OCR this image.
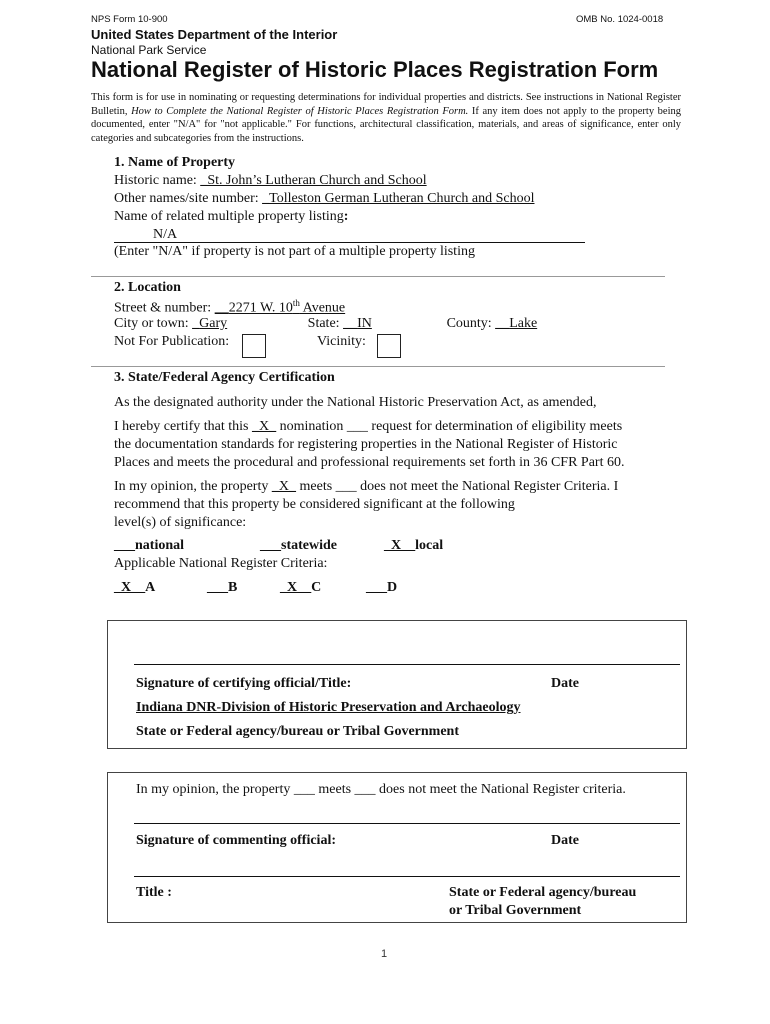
NPS Form 10-900	OMB No. 1024-0018
United States Department of the Interior
National Park Service
National Register of Historic Places Registration Form
This form is for use in nominating or requesting determinations for individual properties and districts. See instructions in National Register Bulletin, How to Complete the National Register of Historic Places Registration Form. If any item does not apply to the property being documented, enter "N/A" for "not applicable." For functions, architectural classification, materials, and areas of significance, enter only categories and subcategories from the instructions.
1. Name of Property
Historic name: _St. John’s Lutheran Church and School
Other names/site number: _Tolleston German Lutheran Church and School
Name of related multiple property listing:
N/A
(Enter "N/A" if property is not part of a multiple property listing
2. Location
Street & number: __2271 W. 10th Avenue
City or town: _Gary	State: __IN	County: __Lake
Not For Publication:	Vicinity:
3. State/Federal Agency Certification
As the designated authority under the National Historic Preservation Act, as amended,
I hereby certify that this _X_ nomination ___ request for determination of eligibility meets
the documentation standards for registering properties in the National Register of Historic
Places and meets the procedural and professional requirements set forth in 36 CFR Part 60.
In my opinion, the property _X_ meets ___ does not meet the National Register Criteria. I
recommend that this property be considered significant at the following
level(s) of significance:
___national	___statewide	_X__local
Applicable National Register Criteria:
_X__A	___B	_X__C	___D
Signature of certifying official/Title:	Date
Indiana DNR-Division of Historic Preservation and Archaeology
State or Federal agency/bureau or Tribal Government
In my opinion, the property ___ meets ___ does not meet the National Register criteria.
Signature of commenting official:	Date
Title :	State or Federal agency/bureau
or Tribal Government
1
